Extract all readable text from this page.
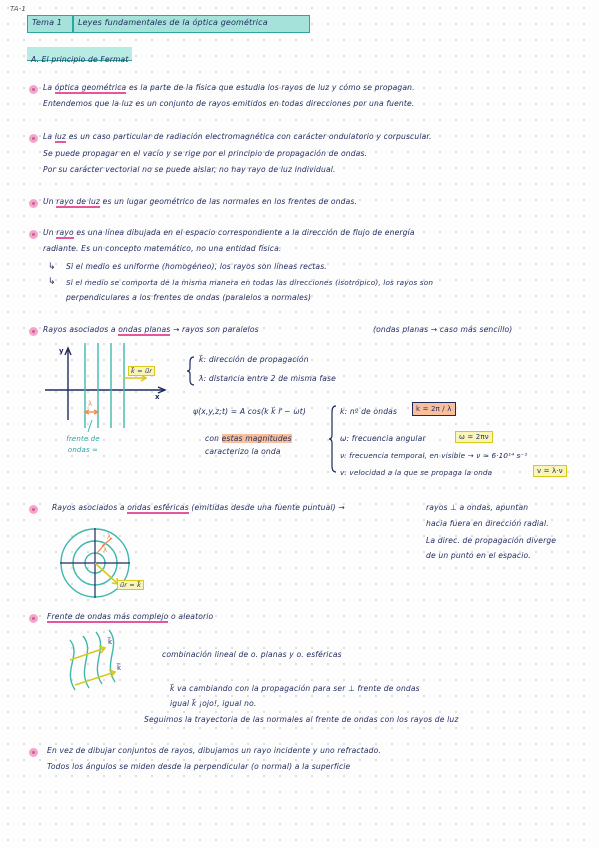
TA-1
Tema 1 Leyes fundamentales de la óptica geométrica
A. El principio de Fermat
La óptica geométrica es la parte de la física que estudia los rayos de luz y cómo se propagan.
Entendemos que la luz es un conjunto de rayos emitidos en todas direcciones por una fuente.
La luz es un caso particular de radiación electromagnética con carácter ondulatorio y corpuscular.
Se puede propagar en el vacío y se rige por el principio de propagación de ondas.
Por su carácter vectorial no se puede aislar, no hay rayo de luz individual.
Un rayo de luz es un lugar geométrico de las normales en los frentes de ondas.
Un rayo es una línea dibujada en el espacio correspondiente a la dirección de flujo de energía
radiante. Es un concepto matemático, no una entidad física.
↳ Si el medio es uniforme (homogéneo), los rayos son líneas rectas.
↳ Si el medio se comporta de la misma manera en todas las direcciones (isotrópico), los rayos son
perpendiculares a los frentes de ondas (paralelos a normales)
Rayos asociados a ondas planas → rayos son paralelos	(ondas planas → caso más sencillo)
y
x
λ
k⃗ = u⃗r
frente de ondas ∞
k⃗: dirección de propagación
λ: distancia entre 2 de misma fase
ψ(x,y,z;t) = A cos(k k⃗ r⃗ − ωt)
con estas magnitudes
caracterizo la onda
k: nº de ondas	k = 2π / λ
ω: frecuencia angular	ω = 2πν
ν: frecuencia temporal, en visible → ν ≈ 6·10¹⁴ s⁻¹
v: velocidad a la que se propaga la onda	v = λ·ν
Rayos asociados a ondas esféricas (emitidas desde una fuente puntual) →	rayos ⊥ a ondas, apuntan
hacia fuera en dirección radial.
La direc. de propagación diverge
de un punto en el espacio.
λ
λ
u⃗r = k⃗
Frente de ondas más complejo o aleatorio
k⃗
k⃗
combinación lineal de o. planas y o. esféricas
k⃗ va cambiando con la propagación para ser ⊥ frente de ondas
igual k⃗ ¡ojo!, igual no.
Seguimos la trayectoria de las normales al frente de ondas con los rayos de luz
En vez de dibujar conjuntos de rayos, dibujamos un rayo incidente y uno refractado.
Todos los ángulos se miden desde la perpendicular (o normal) a la superficie
